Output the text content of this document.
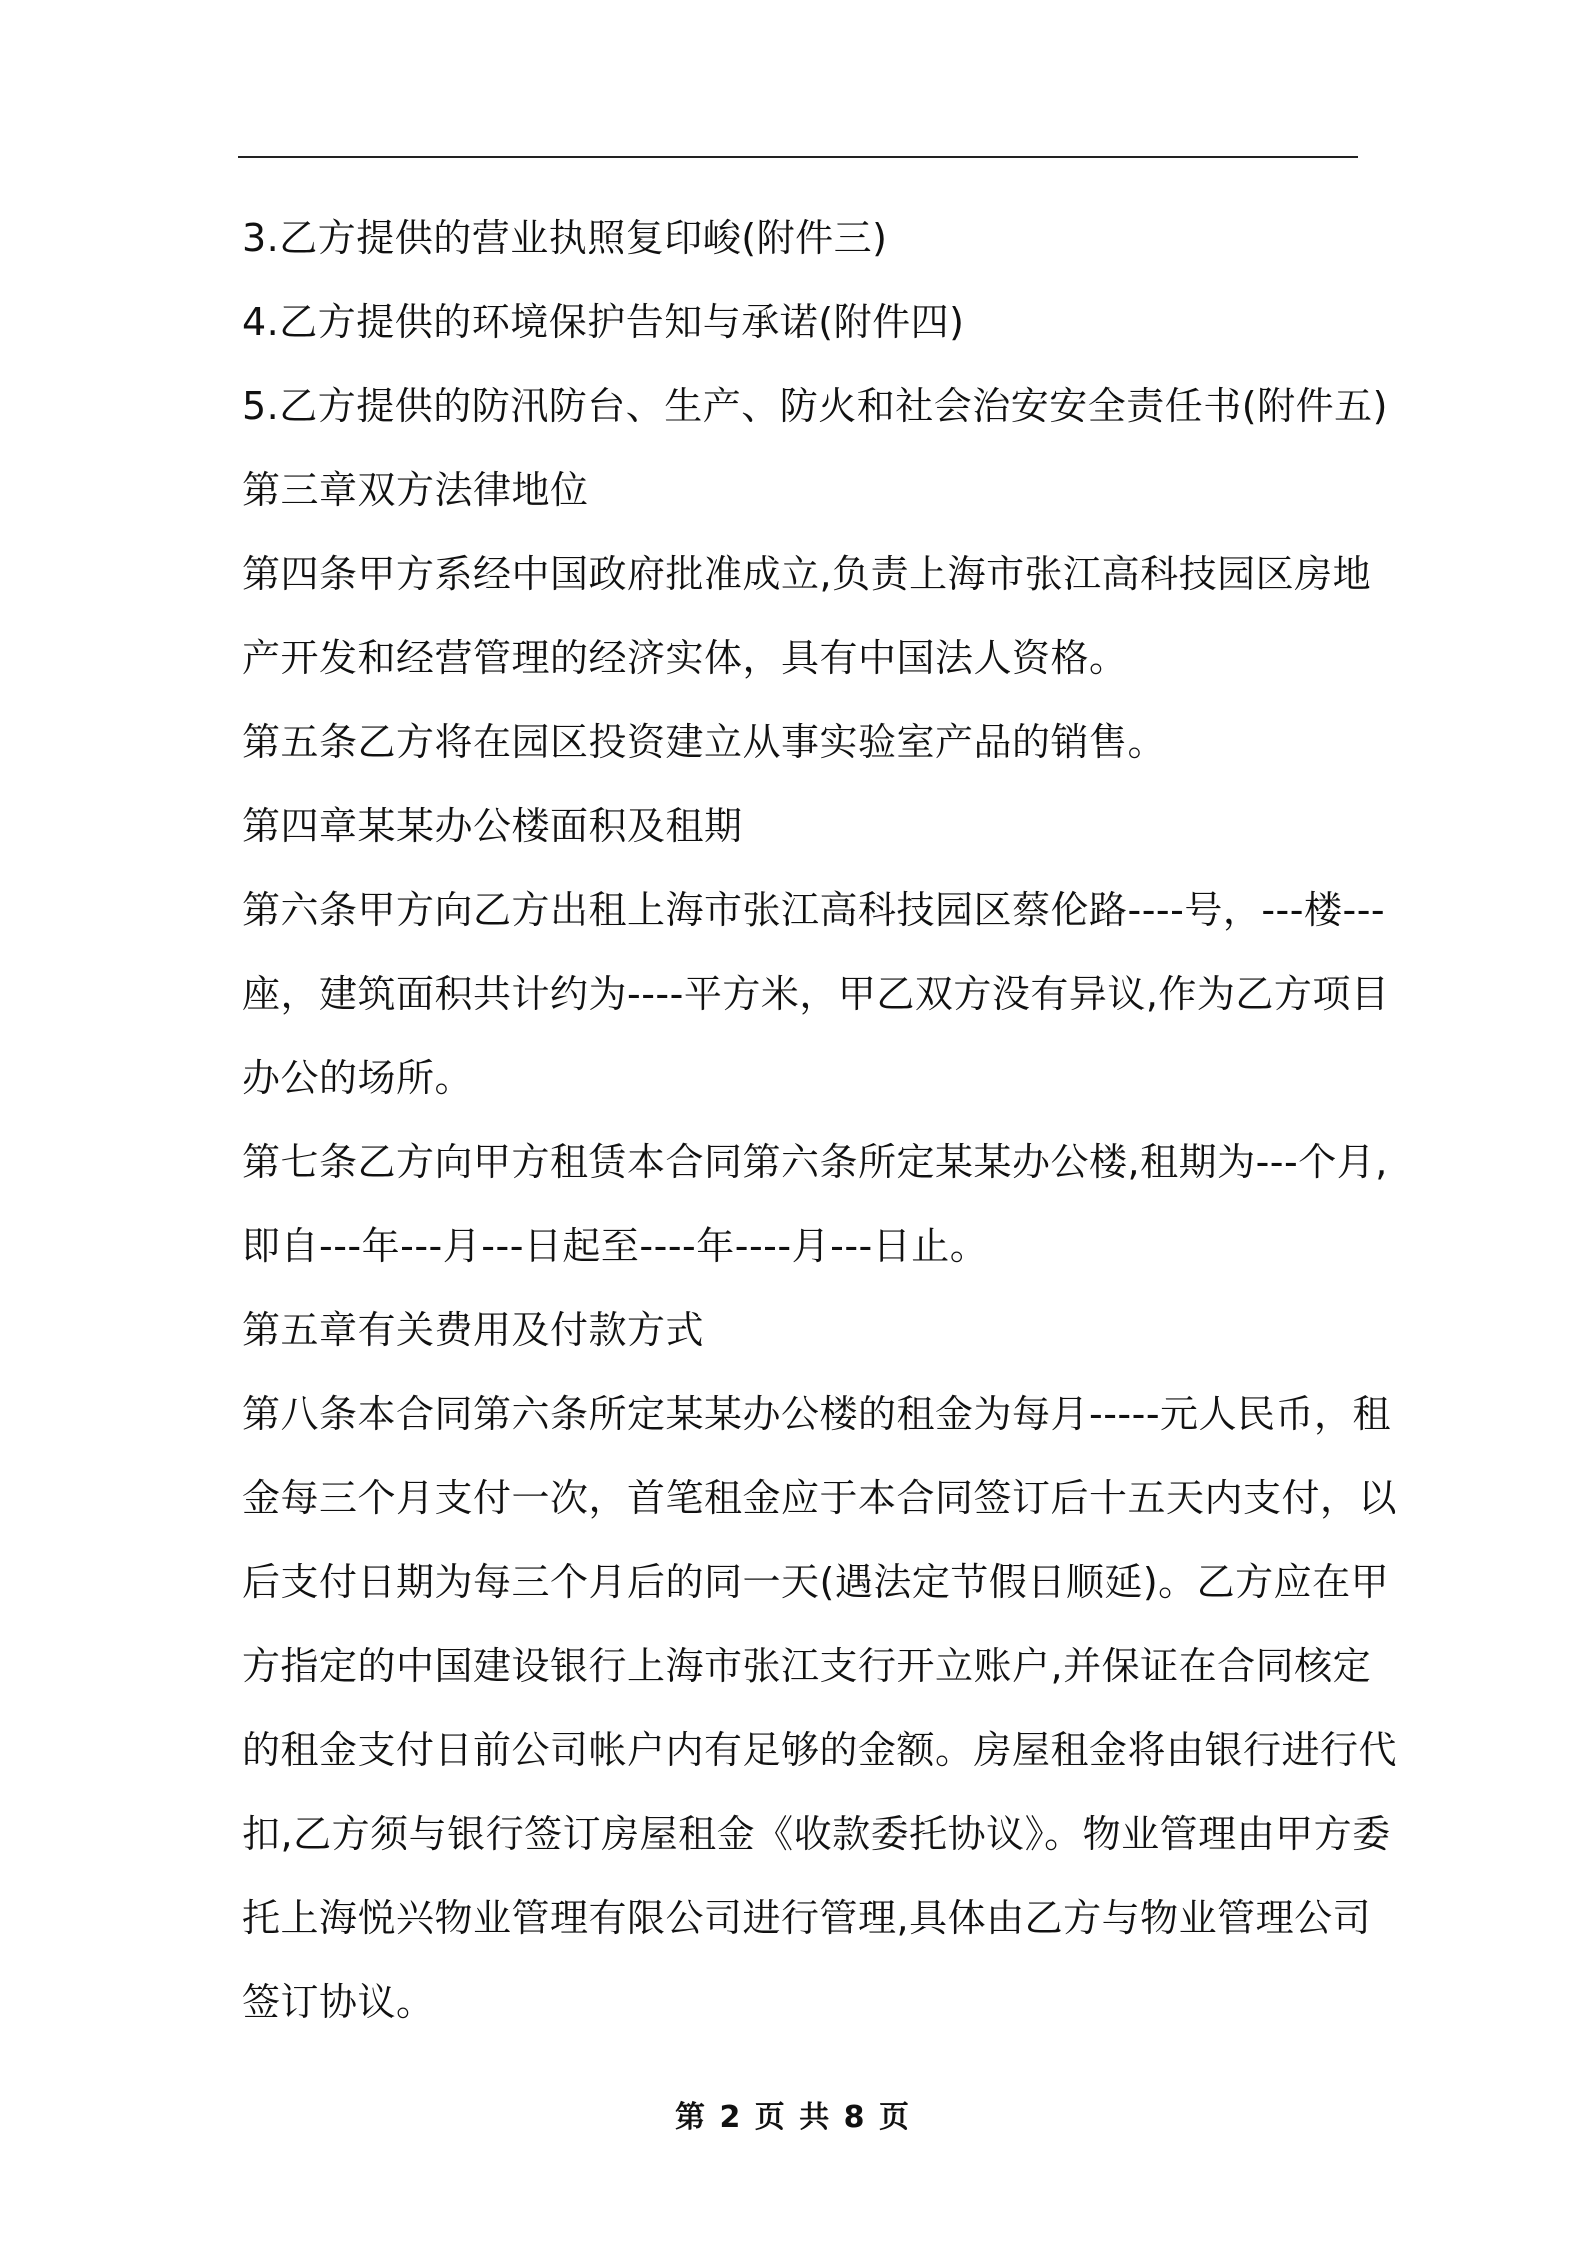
3.乙方提供的营业执照复印峻(附件三)
4.乙方提供的环境保护告知与承诺(附件四)
5.乙方提供的防汛防台、生产、防火和社会治安安全责任书(附件五)
第三章双方法律地位
第四条甲方系经中国政府批准成立,负责上海市张江高科技园区房地
产开发和经营管理的经济实体，具有中国法人资格。
第五条乙方将在园区投资建立从事实验室产品的销售。
第四章某某办公楼面积及租期
第六条甲方向乙方出租上海市张江高科技园区蔡伦路----号，---楼---
座，建筑面积共计约为----平方米，甲乙双方没有异议,作为乙方项目
办公的场所。
第七条乙方向甲方租赁本合同第六条所定某某办公楼,租期为---个月,
即自---年---月---日起至----年----月---日止。
第五章有关费用及付款方式
第八条本合同第六条所定某某办公楼的租金为每月-----元人民币，租
金每三个月支付一次，首笔租金应于本合同签订后十五天内支付，以
后支付日期为每三个月后的同一天(遇法定节假日顺延)。乙方应在甲
方指定的中国建设银行上海市张江支行开立账户,并保证在合同核定
的租金支付日前公司帐户内有足够的金额。房屋租金将由银行进行代
扣,乙方须与银行签订房屋租金《收款委托协议》。物业管理由甲方委
托上海悦兴物业管理有限公司进行管理,具体由乙方与物业管理公司
签订协议。
第 2 页 共 8 页
